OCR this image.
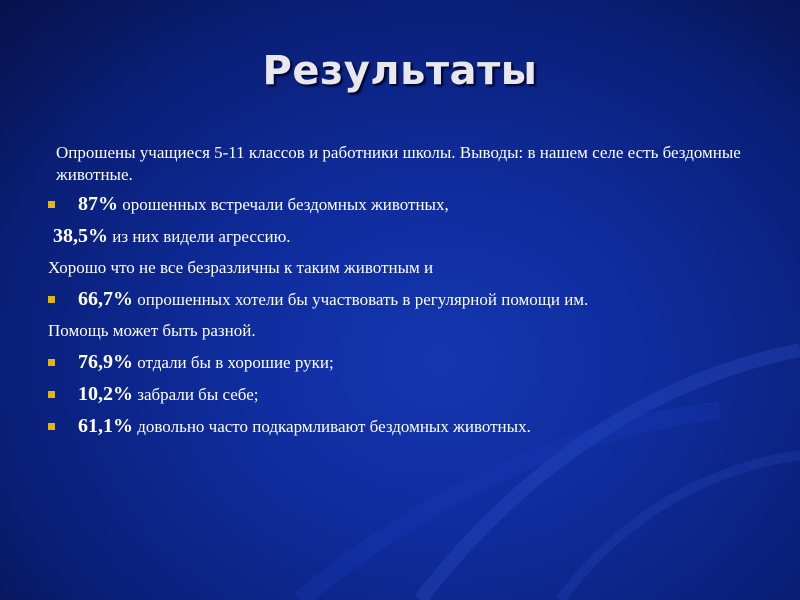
Результаты

Опрошены учащиеся 5-11 классов и работники школы. Выводы: в нашем селе есть бездомные животные.

87% орошенных встречали бездомных животных,

38,5% из них видели агрессию.

Хорошо что не все безразличны к таким животным и

66,7% опрошенных хотели бы участвовать в регулярной помощи им.

Помощь может быть разной.

76,9% отдали бы в хорошие руки;

10,2% забрали бы себе;

61,1% довольно часто подкармливают бездомных животных.
